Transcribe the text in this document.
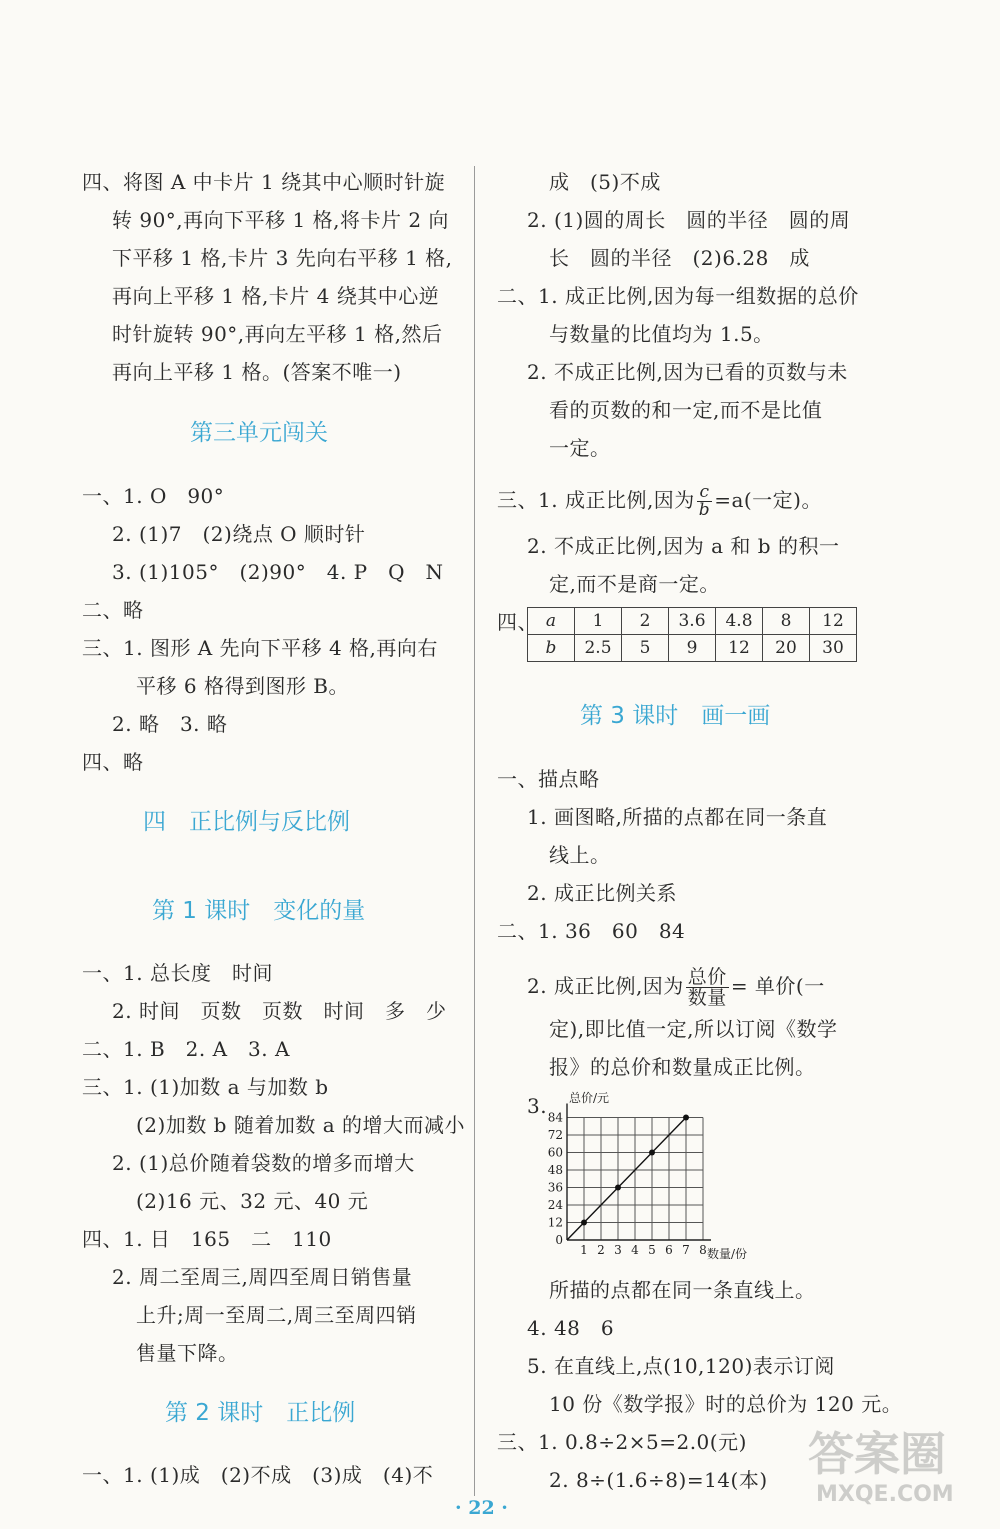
三、1. 成正比例,因为 $\frac{c}{b} =a$(一定)。
2. 成正比例,因为 $\frac{\text{总价}}{\text{数量}}$ = 单价(一
a	1	2	3.6	4.8	8	12
b	2.5	5	9	12	20	30
1 2 3 4 5 6 7 8
0
12
24
36
48
60
72
84
数量/份
总价/元
· 22 ·
答案圈
MXQE.COM
四、将图 A 中卡片 1 绕其中心顺时针旋
转 90°,再向下平移 1 格,将卡片 2 向
下平移 1 格,卡片 3 先向右平移 1 格,
再向上平移 1 格,卡片 4 绕其中心逆
时针旋转 90°,再向左平移 1 格,然后
再向上平移 1 格。(答案不唯一)
一、1. O　90°
2. (1)7　(2)绕点 O 顺时针
3. (1)105°　(2)90°　4. P　Q　N
二、略
三、1. 图形 A 先向下平移 4 格,再向右
平移 6 格得到图形 B。
2. 略　3. 略
四、略
一、1. 总长度　时间
2. 时间　页数　页数　时间　多　少
二、1. B　2. A　3. A
三、1. (1)加数 a 与加数 b
(2)加数 b 随着加数 a 的增大而减小
2. (1)总价随着袋数的增多而增大
(2)16 元、32 元、40 元
四、1. 日　165　二　110
2. 周二至周三,周四至周日销售量
上升;周一至周二,周三至周四销
售量下降。
一、1. (1)成　(2)不成　(3)成　(4)不
成　(5)不成
2. (1)圆的周长　圆的半径　圆的周
长　圆的半径　(2)6.28　成
二、1. 成正比例,因为每一组数据的总价
与数量的比值均为 1.5。
2. 不成正比例,因为已看的页数与未
看的页数的和一定,而不是比值
一定。
2. 不成正比例,因为 a 和 b 的积一
定,而不是商一定。
四、
一、描点略
1. 画图略,所描的点都在同一条直
线上。
2. 成正比例关系
二、1. 36　60　84
定),即比值一定,所以订阅《数学
报》的总价和数量成正比例。
3.
所描的点都在同一条直线上。
4. 48　6
5. 在直线上,点(10,120)表示订阅
10 份《数学报》时的总价为 120 元。
三、1. 0.8÷2×5=2.0(元)
2. 8÷(1.6÷8)=14(本)
第三单元闯关
四　正比例与反比例
第 1 课时　变化的量
第 2 课时　正比例
第 3 课时　画一画
